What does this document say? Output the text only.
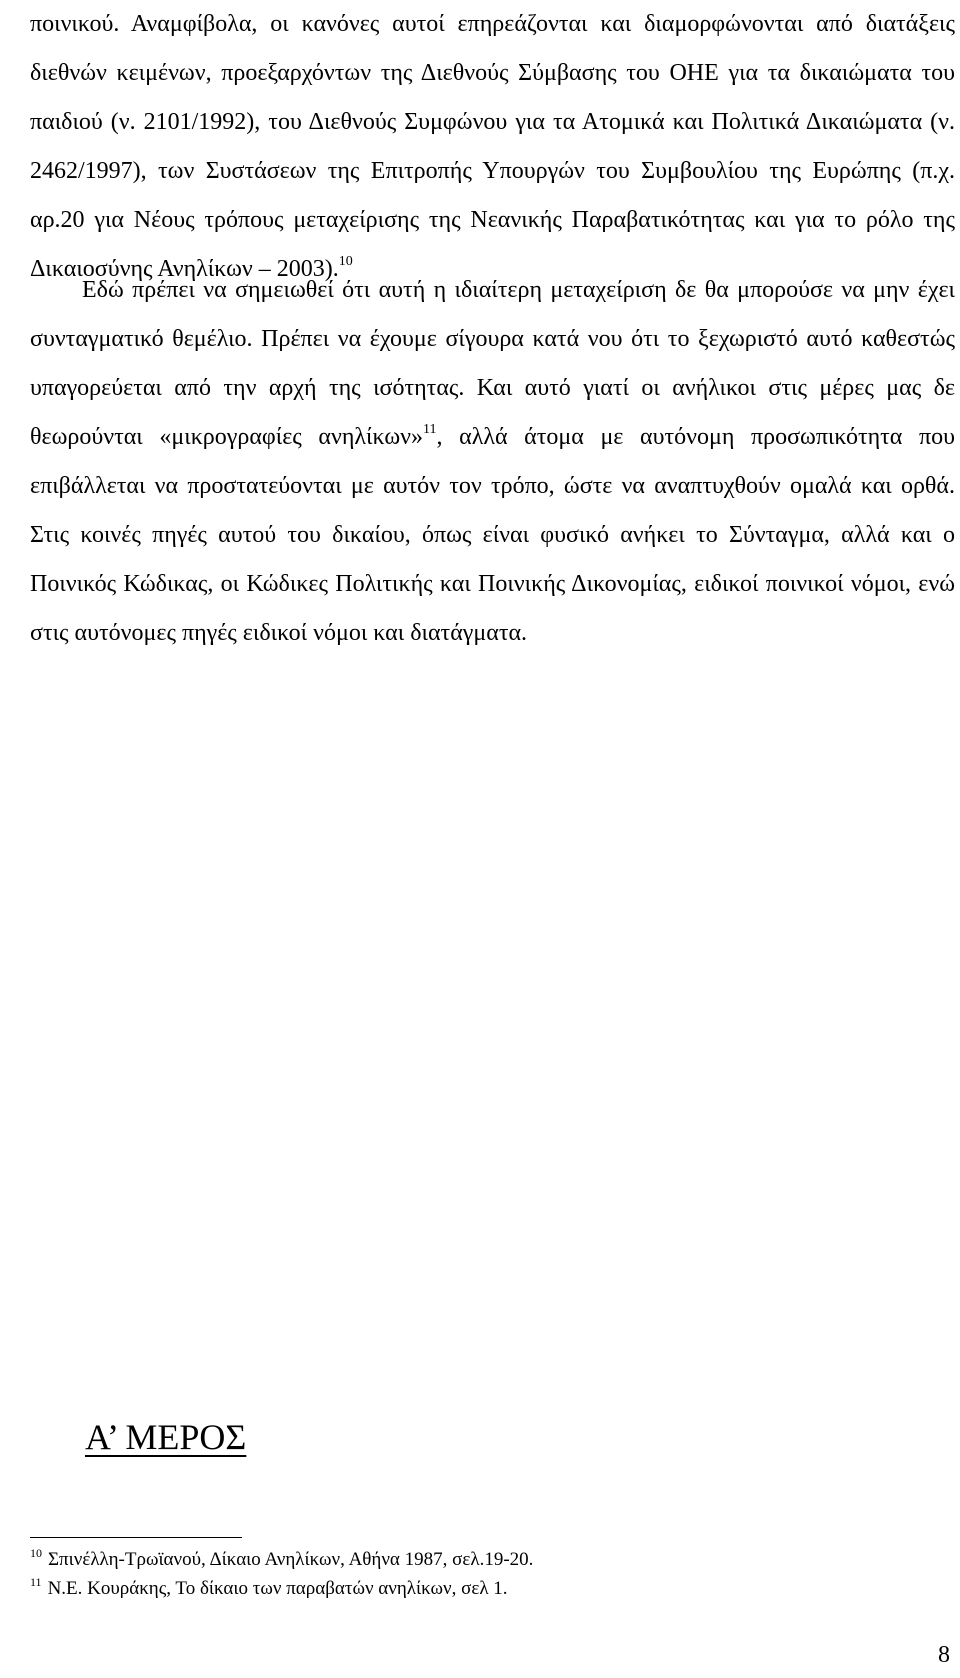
ποινικού. Αναμφίβολα, οι κανόνες αυτοί επηρεάζονται και διαμορφώνονται από διατάξεις διεθνών κειμένων, προεξαρχόντων της Διεθνούς Σύμβασης του ΟΗΕ για τα δικαιώματα του παιδιού (ν. 2101/1992), του Διεθνούς Συμφώνου για τα Ατομικά και Πολιτικά Δικαιώματα (ν. 2462/1997), των Συστάσεων της Επιτροπής Υπουργών του Συμβουλίου της Ευρώπης (π.χ. αρ.20 για Νέους τρόπους μεταχείρισης της Νεανικής Παραβατικότητας και για το ρόλο της Δικαιοσύνης Ανηλίκων – 2003).$^{10}$

Εδώ πρέπει να σημειωθεί ότι αυτή η ιδιαίτερη μεταχείριση δε θα μπορούσε να μην έχει συνταγματικό θεμέλιο. Πρέπει να έχουμε σίγουρα κατά νου ότι το ξεχωριστό αυτό καθεστώς υπαγορεύεται από την αρχή της ισότητας. Και αυτό γιατί οι ανήλικοι στις μέρες μας δε θεωρούνται «μικρογραφίες ανηλίκων»$^{11}$, αλλά άτομα με αυτόνομη προσωπικότητα που επιβάλλεται να προστατεύονται με αυτόν τον τρόπο, ώστε να αναπτυχθούν ομαλά και ορθά. Στις κοινές πηγές αυτού του δικαίου, όπως είναι φυσικό ανήκει το Σύνταγμα, αλλά και ο Ποινικός Κώδικας, οι Κώδικες Πολιτικής και Ποινικής Δικονομίας, ειδικοί ποινικοί νόμοι, ενώ στις αυτόνομες πηγές ειδικοί νόμοι και διατάγματα.

Α’ ΜΕΡΟΣ

$^{10}$ Σπινέλλη-Τρωϊανού, Δίκαιο Ανηλίκων, Αθήνα 1987, σελ.19-20.

$^{11}$ Ν.Ε. Κουράκης, Το δίκαιο των παραβατών ανηλίκων, σελ 1.

8
